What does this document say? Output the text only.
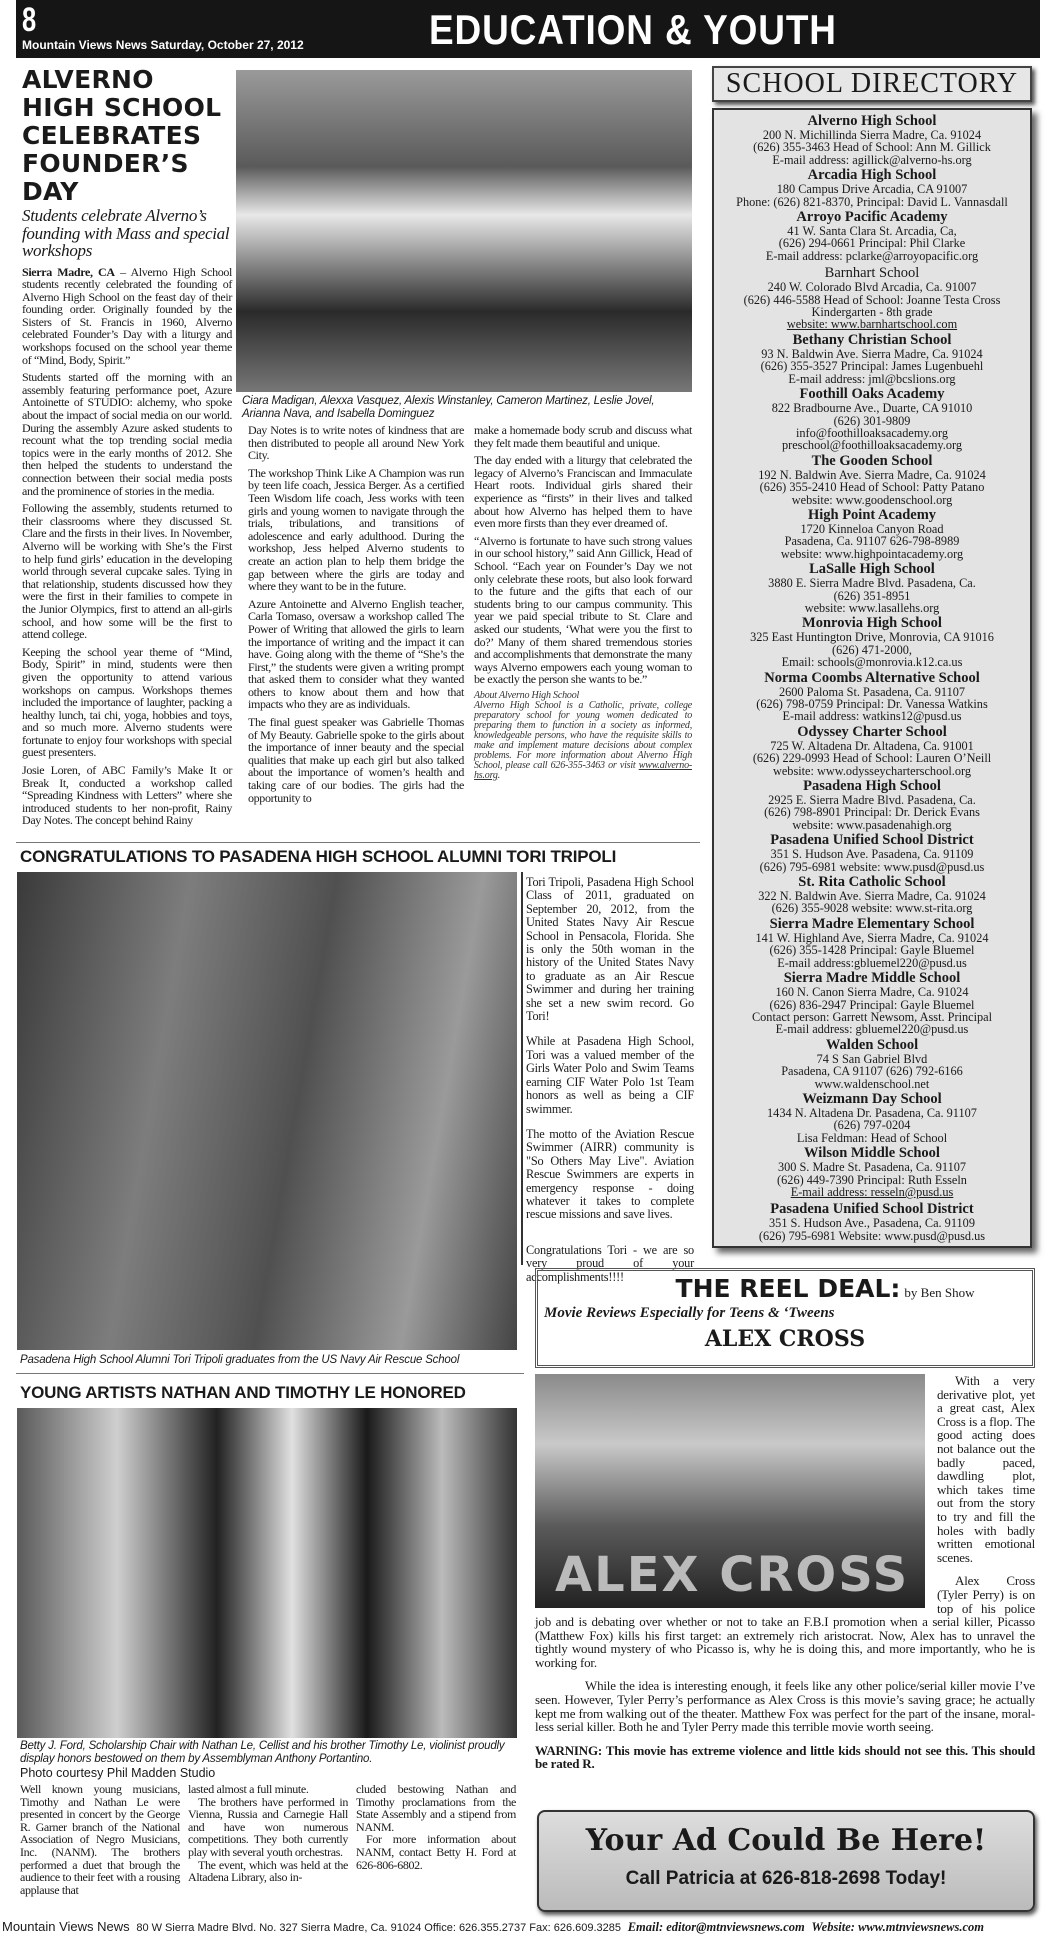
8
Mountain Views News Saturday, October 27, 2012	EDUCATION & YOUTH
ALVERNO
HIGH SCHOOL
CELEBRATES
FOUNDER’S DAY
Students celebrate Alverno’s founding with Mass and special workshops

Sierra Madre, CA – Alverno High School students recently celebrated the founding of Alverno High School on the feast day of their founding order. Originally founded by the Sisters of St. Francis in 1960, Alverno celebrated Founder’s Day with a liturgy and workshops focused on the school year theme of “Mind, Body, Spirit.”

Students started off the morning with an assembly featuring performance poet, Azure Antoinette of STUDIO: alchemy, who spoke about the impact of social media on our world. During the assembly Azure asked students to recount what the top trending social media topics were in the early months of 2012. She then helped the students to understand the connection between their social media posts and the prominence of stories in the media.

Following the assembly, students returned to their classrooms where they discussed St. Clare and the firsts in their lives. In November, Alverno will be working with She’s the First to help fund girls’ education in the developing world through several cupcake sales. Tying in that relationship, students discussed how they were the first in their families to compete in the Junior Olympics, first to attend an all-girls school, and how some will be the first to attend college.

Keeping the school year theme of “Mind, Body, Spirit” in mind, students were then given the opportunity to attend various workshops on campus. Workshops themes included the importance of laughter, packing a healthy lunch, tai chi, yoga, hobbies and toys, and so much more. Alverno students were fortunate to enjoy four workshops with special guest presenters.

Josie Loren, of ABC Family’s Make It or Break It, conducted a workshop called “Spreading Kindness with Letters” where she introduced students to her non-profit, Rainy Day Notes. The concept behind Rainy

Ciara Madigan, Alexxa Vasquez, Alexis Winstanley, Cameron Martinez, Leslie Jovel, Arianna Nava, and Isabella Dominguez

Day Notes is to write notes of kindness that are then distributed to people all around New York City.

The workshop Think Like A Champion was run by teen life coach, Jessica Berger. As a certified Teen Wisdom life coach, Jess works with teen girls and young women to navigate through the trials, tribulations, and transitions of adolescence and early adulthood. During the workshop, Jess helped Alverno students to create an action plan to help them bridge the gap between where the girls are today and where they want to be in the future.

Azure Antoinette and Alverno English teacher, Carla Tomaso, oversaw a workshop called The Power of Writing that allowed the girls to learn the importance of writing and the impact it can have. Going along with the theme of “She’s the First,” the students were given a writing prompt that asked them to consider what they wanted others to know about them and how that impacts who they are as individuals.

The final guest speaker was Gabrielle Thomas of My Beauty. Gabrielle spoke to the girls about the importance of inner beauty and the special qualities that make up each girl but also talked about the importance of women’s health and taking care of our bodies. The girls had the opportunity to

make a homemade body scrub and discuss what they felt made them beautiful and unique.

The day ended with a liturgy that celebrated the legacy of Alverno’s Franciscan and Immaculate Heart roots. Individual girls shared their experience as “firsts” in their lives and talked about how Alverno has helped them to have even more firsts than they ever dreamed of.

“Alverno is fortunate to have such strong values in our school history,” said Ann Gillick, Head of School. “Each year on Founder’s Day we not only celebrate these roots, but also look forward to the future and the gifts that each of our students bring to our campus community. This year we paid special tribute to St. Clare and asked our students, ‘What were you the first to do?’ Many of them shared tremendous stories and accomplishments that demonstrate the many ways Alverno empowers each young woman to be exactly the person she wants to be.”

About Alverno High School
Alverno High School is a Catholic, private, college preparatory school for young women dedicated to preparing them to function in a society as informed, knowledgeable persons, who have the requisite skills to make and implement mature decisions about complex problems. For more information about Alverno High School, please call 626-355-3463 or visit www.alverno-hs.org.
SCHOOL DIRECTORY
Alverno High School
200 N. Michillinda Sierra Madre, Ca. 91024
(626) 355-3463 Head of School: Ann M. Gillick
E-mail address: agillick@alverno-hs.org
Arcadia High School
180 Campus Drive Arcadia, CA 91007
Phone: (626) 821-8370, Principal: David L. Vannasdall
Arroyo Pacific Academy
41 W. Santa Clara St. Arcadia, Ca,
(626) 294-0661 Principal: Phil Clarke
E-mail address: pclarke@arroyopacific.org
Barnhart School
240 W. Colorado Blvd Arcadia, Ca. 91007
(626) 446-5588 Head of School: Joanne Testa Cross
Kindergarten - 8th grade
website: www.barnhartschool.com
Bethany Christian School
93 N. Baldwin Ave. Sierra Madre, Ca. 91024
(626) 355-3527 Principal: James Lugenbuehl
E-mail address: jml@bcslions.org
Foothill Oaks Academy
822 Bradbourne Ave., Duarte, CA 91010
(626) 301-9809
info@foothilloaksacademy.org
preschool@foothilloaksacademy.org
The Gooden School
192 N. Baldwin Ave. Sierra Madre, Ca. 91024
(626) 355-2410 Head of School: Patty Patano
website: www.goodenschool.org
High Point Academy
1720 Kinneloa Canyon Road
Pasadena, Ca. 91107 626-798-8989
website: www.highpointacademy.org
LaSalle High School
3880 E. Sierra Madre Blvd. Pasadena, Ca.
(626) 351-8951
website: www.lasallehs.org
Monrovia High School
325 East Huntington Drive, Monrovia, CA 91016
(626) 471-2000,
Email: schools@monrovia.k12.ca.us
Norma Coombs Alternative School
2600 Paloma St. Pasadena, Ca. 91107
(626) 798-0759 Principal: Dr. Vanessa Watkins
E-mail address: watkins12@pusd.us
Odyssey Charter School
725 W. Altadena Dr. Altadena, Ca. 91001
(626) 229-0993 Head of School: Lauren O’Neill
website: www.odysseycharterschool.org
Pasadena High School
2925 E. Sierra Madre Blvd. Pasadena, Ca.
(626) 798-8901 Principal: Dr. Derick Evans
website: www.pasadenahigh.org
Pasadena Unified School District
351 S. Hudson Ave. Pasadena, Ca. 91109
(626) 795-6981 website: www.pusd@pusd.us
St. Rita Catholic School
322 N. Baldwin Ave. Sierra Madre, Ca. 91024
(626) 355-9028 website: www.st-rita.org
Sierra Madre Elementary School
141 W. Highland Ave, Sierra Madre, Ca. 91024
(626) 355-1428 Principal: Gayle Bluemel
E-mail address:gbluemel220@pusd.us
Sierra Madre Middle School
160 N. Canon Sierra Madre, Ca. 91024
(626) 836-2947 Principal: Gayle Bluemel
Contact person: Garrett Newsom, Asst. Principal
E-mail address: gbluemel220@pusd.us
Walden School
74 S San Gabriel Blvd
Pasadena, CA 91107 (626) 792-6166
www.waldenschool.net
Weizmann Day School
1434 N. Altadena Dr. Pasadena, Ca. 91107
(626) 797-0204
Lisa Feldman: Head of School
Wilson Middle School
300 S. Madre St. Pasadena, Ca. 91107
(626) 449-7390 Principal: Ruth Esseln
E-mail address: resseln@pusd.us
Pasadena Unified School District
351 S. Hudson Ave., Pasadena, Ca. 91109
(626) 795-6981 Website: www.pusd@pusd.us
CONGRATULATIONS TO PASADENA HIGH SCHOOL ALUMNI TORI TRIPOLI

Tori Tripoli, Pasadena High School Class of 2011, graduated on September 20, 2012, from the United States Navy Air Rescue School in Pensacola, Florida. She is only the 50th woman in the history of the United States Navy to graduate as an Air Rescue Swimmer and during her training she set a new swim record. Go Tori!

While at Pasadena High School, Tori was a valued member of the Girls Water Polo and Swim Teams earning CIF Water Polo 1st Team honors as well as being a CIF swimmer.

The motto of the Aviation Rescue Swimmer (AIRR) community is "So Others May Live". Aviation Rescue Swimmers are experts in emergency response - doing whatever it takes to complete rescue missions and save lives.

Congratulations Tori - we are so very proud of your accomplishments!!!!

Pasadena High School Alumni Tori Tripoli graduates from the US Navy Air Rescue School
YOUNG ARTISTS NATHAN AND TIMOTHY LE HONORED
Betty J. Ford, Scholarship Chair with Nathan Le, Cellist and his brother Timothy Le, violinist proudly display honors bestowed on them by Assemblyman Anthony Portantino.
Photo courtesy Phil Madden Studio

Well known young musicians, Timothy and Nathan Le were presented in concert by the George R. Garner branch of the National Association of Negro Musicians, Inc. (NANM). The brothers performed a duet that brough the audience to their feet with a rousing applause that

lasted almost a full minute.

The brothers have performed in Vienna, Russia and Carnegie Hall and have won numerous competitions. They both currently play with several youth orchestras.

The event, which was held at the Altadena Library, also in-

cluded bestowing Nathan and Timothy proclamations from the State Assembly and a stipend from NANM.

For more information about NANM, contact Betty H. Ford at 626-806-6802.

THE REEL DEAL: by Ben Show
Movie Reviews Especially for Teens & ‘Tweens
ALEX CROSS
ALEX CROSS

With a very derivative plot, yet a great cast, Alex Cross is a flop. The good acting does not balance out the badly paced, dawdling plot, which takes time out from the story to try and fill the holes with badly written emotional scenes.

Alex Cross (Tyler Perry) is on top of his police job and is debating over whether or not to take an F.B.I promotion when a serial killer, Picasso (Matthew Fox) kills his first target: an extremely rich aristocrat. Now, Alex has to unravel the tightly wound mystery of who Picasso is, why he is doing this, and more importantly, who he is working for.

While the idea is interesting enough, it feels like any other police/serial killer movie I’ve seen. However, Tyler Perry’s performance as Alex Cross is this movie’s saving grace; he actually kept me from walking out of the theater. Matthew Fox was perfect for the part of the insane, moral-less serial killer. Both he and Tyler Perry made this terrible movie worth seeing.

WARNING: This movie has extreme violence and little kids should not see this. This should be rated R.

Your Ad Could Be Here!
Call Patricia at 626-818-2698 Today!
Mountain Views News 80 W Sierra Madre Blvd. No. 327 Sierra Madre, Ca. 91024 Office: 626.355.2737 Fax: 626.609.3285 Email: editor@mtnviewsnews.com Website: www.mtnviewsnews.com
